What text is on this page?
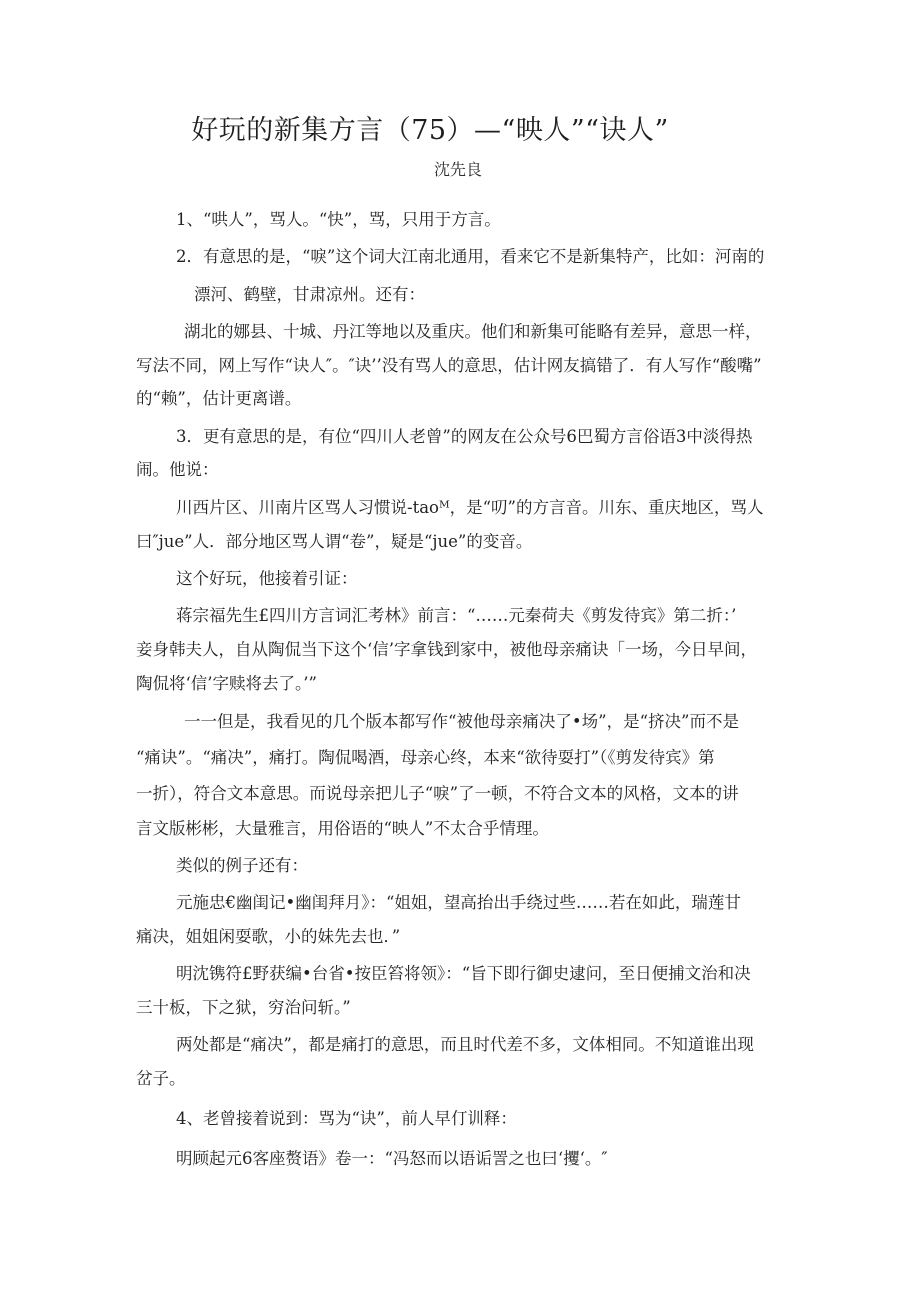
好玩的新集方言（75）—“映人”“诀人”
沈先良
1、“哄人”，骂人。“快”，骂，只用于方言。
2．有意思的是，“唳”这个词大江南北通用，看来它不是新集特产，比如：河南的
漂河、鹤壁，甘肃凉州。还有：
湖北的娜县、十城、丹江等地以及重庆。他们和新集可能略有差异，意思一样，
写法不同，网上写作“诀人″。″诀’’没有骂人的意思，估计网友搞错了．有人写作“酸嘴”
的“赖”，估计更离谱。
3．更有意思的是，有位“四川人老曾”的网友在公众号6巴蜀方言俗语3中淡得热
闹。他说：
川西片区、川南片区骂人习惯说-taoᴹ，是“叨”的方言音。川东、重庆地区，骂人
曰″jue”人．部分地区骂人谓“卷”，疑是“jue”的变音。
这个好玩，他接着引证：
蒋宗福先生£四川方言词汇考林》前言：“……元秦荷夫《剪发待宾》第二折：’
妾身韩夫人，自从陶侃当下这个‘信’字拿钱到家中，被他母亲痛诀「一场，今日早间，
陶侃将‘信’字赎将去了。’”
一一但是，我看见的几个版本都写作“被他母亲痛决了•场”，是“挤决”而不是
“痛诀”。“痛决”，痛打。陶侃喝酒，母亲心终，本来“欲待耍打”（《剪发待宾》第
一折），符合文本意思。而说母亲把儿子“唳”了一顿，不符合文本的风格，文本的讲
言文版彬彬，大量雅言，用俗语的“映人”不太合乎情理。
类似的例子还有：
元施忠€幽闺记•幽闺拜月》：“姐姐，望高抬出手绕过些……若在如此，瑞莲甘
痛决，姐姐闲耍歌，小的妹先去也．”
明沈镌符£野获编•台省•按臣笞将领》：“旨下即行御史逮问，至日便捕文治和决
三十板，下之狱，穷治问斩。”
两处都是“痛决”，都是痛打的意思，而且时代差不多，文体相同。不知道谁出现
岔子。
4、老曾接着说到：骂为“诀”，前人早仃训释：
明顾起元6客座赘语》卷一：“冯怒而以语诟詈之也曰‘攫‘。″
